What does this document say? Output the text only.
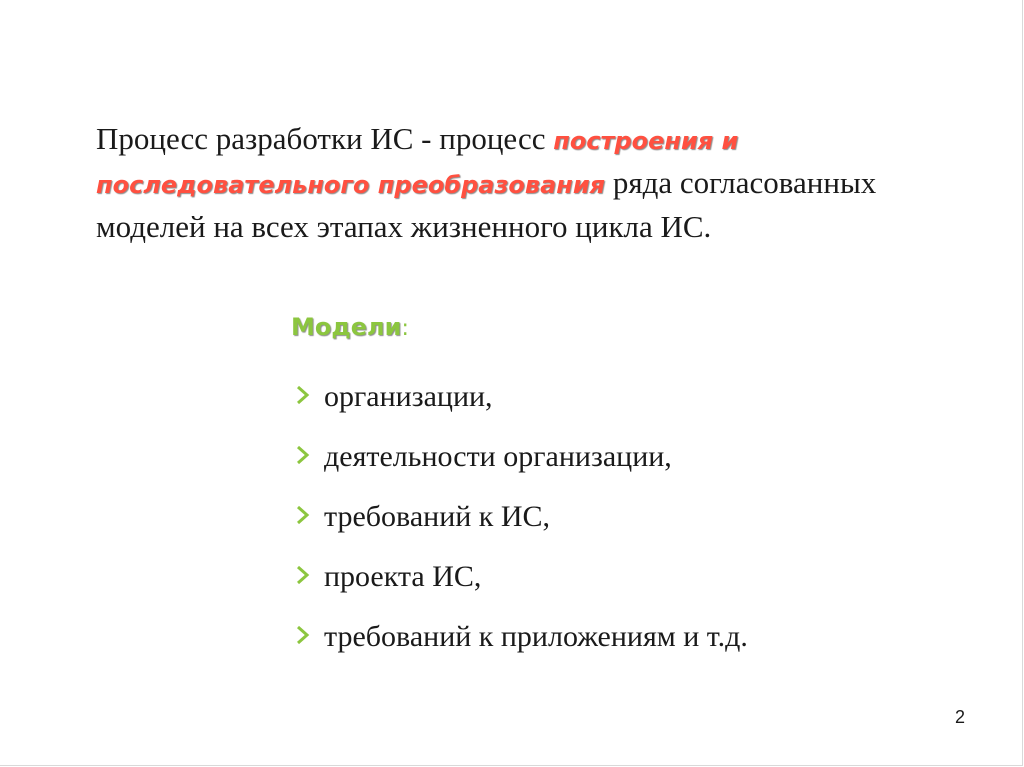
Процесс разработки ИС - процесс построения и последовательного преобразования ряда согласованных моделей на всех этапах жизненного цикла ИС.
Модели:
организации,
деятельности организации,
требований к ИС,
проекта ИС,
требований к приложениям и т.д.
2
